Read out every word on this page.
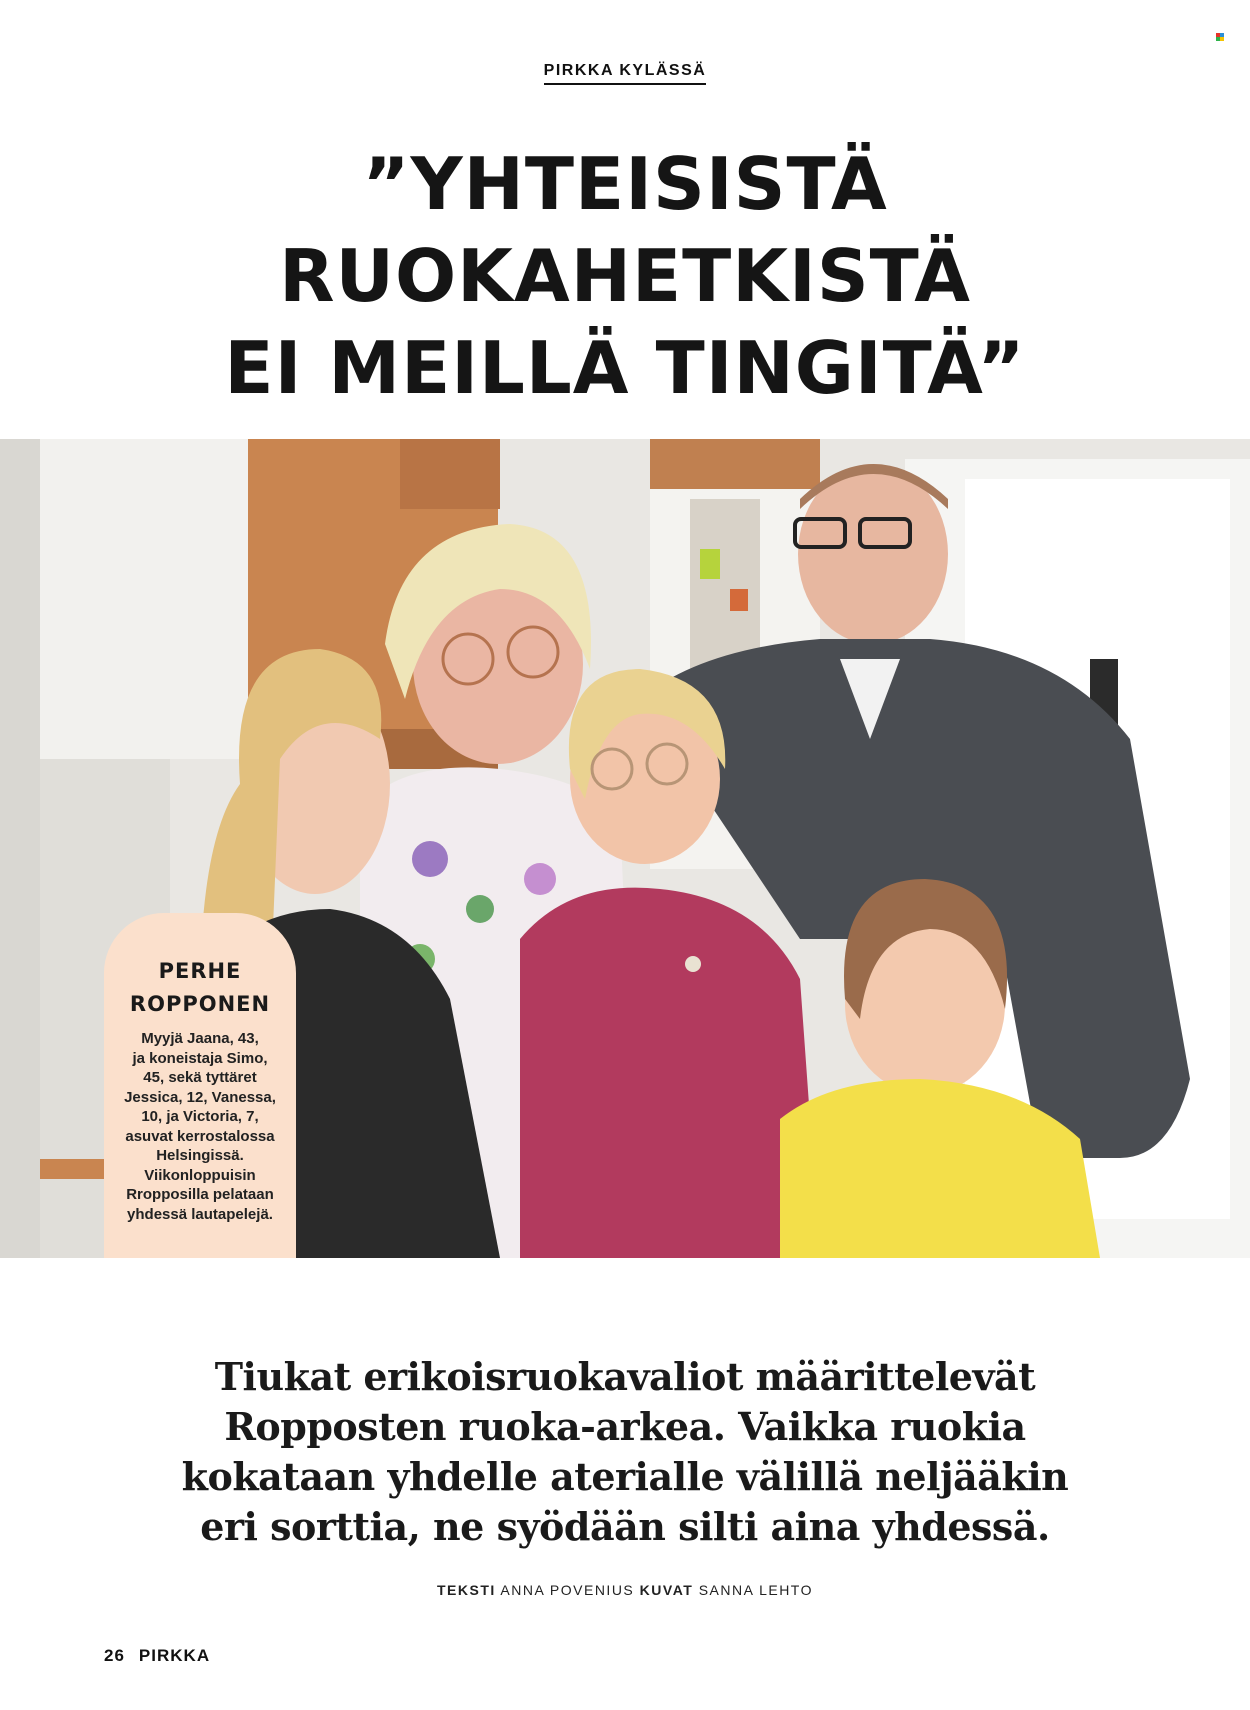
PIRKKA KYLÄSSÄ
”YHTEISISTÄ
RUOKAHETKISTÄ
EI MEILLÄ TINGITÄ”
PERHE
ROPPONEN
Myyjä Jaana, 43,
ja koneistaja Simo,
45, sekä tyttäret
Jessica, 12, Vanessa,
10, ja Victoria, 7,
asuvat kerrostalossa
Helsingissä.
Viikonloppuisin
Rropposilla pelataan
yhdessä lautapelejä.
Tiukat erikoisruokavaliot määrittelevät
Ropposten ruoka-arkea. Vaikka ruokia
kokataan yhdelle aterialle välillä neljääkin
eri sorttia, ne syödään silti aina yhdessä.
TEKSTI ANNA POVENIUS KUVAT SANNA LEHTO
26 PIRKKA
